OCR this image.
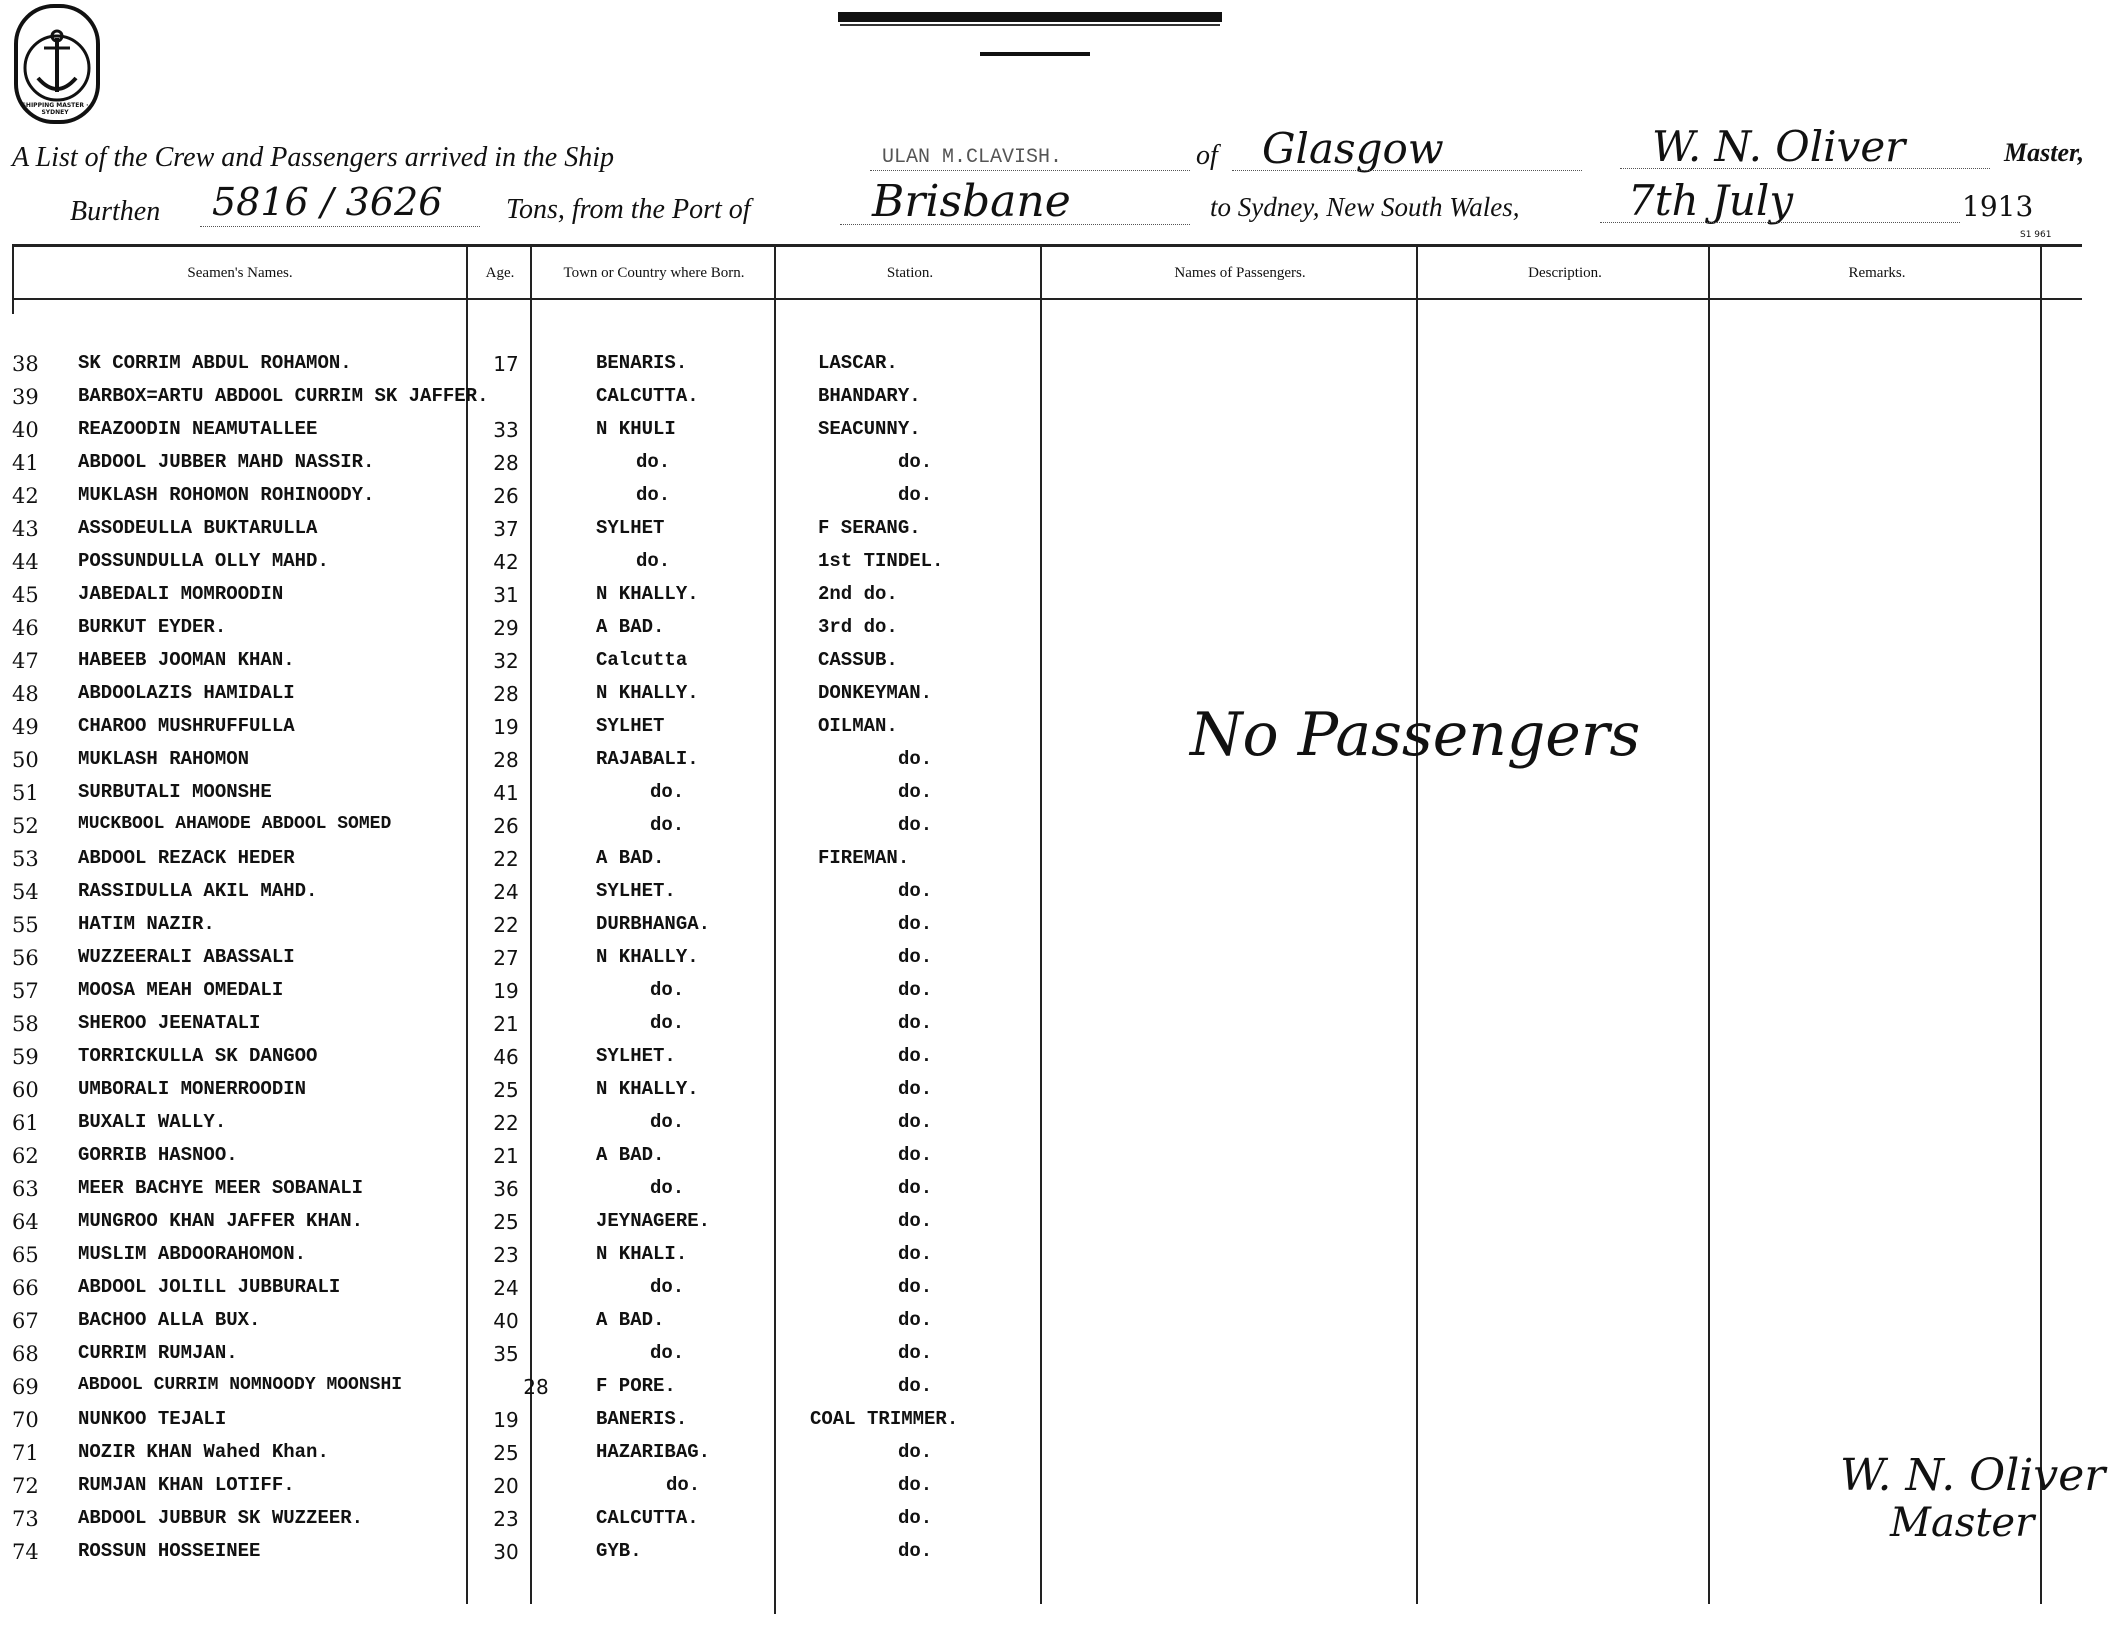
SHIPPING MASTER · SYDNEY
A List of the Crew and Passengers arrived in the Ship	ULAN M.CLAVISH.	of Glasgow	W. N. Oliver	Master,
Burthen 5816 / 3626 Tons, from the Port of	Brisbane	to Sydney, New South Wales,	7th July	1913
S1 961
Seamen's Names.	Age.	Town or Country where Born.	Station.	Names of Passengers.	Description.	Remarks.
38	SK CORRIM ABDUL ROHAMON.	17	BENARIS.	LASCAR.
39	BARBOX=ARTU ABDOOL CURRIM SK JAFFER.	CALCUTTA.	BHANDARY.
40	REAZOODIN NEAMUTALLEE	33	N KHULI	SEACUNNY.
41	ABDOOL JUBBER MAHD NASSIR.	28	do.	do.
42	MUKLASH ROHOMON ROHINOODY.	26	do.	do.
43	ASSODEULLA BUKTARULLA	37	SYLHET	F SERANG.
44	POSSUNDULLA OLLY MAHD.	42	do.	1st TINDEL.
45	JABEDALI MOMROODIN	31	N KHALLY.	2nd do.
46	BURKUT EYDER.	29	A BAD.	3rd do.
47	HABEEB JOOMAN KHAN.	32	Calcutta	CASSUB.
48	ABDOOLAZIS HAMIDALI	28	N KHALLY.	DONKEYMAN.
49	CHAROO MUSHRUFFULLA	19	SYLHET	OILMAN.
50	MUKLASH RAHOMON	28	RAJABALI.	do.
51	SURBUTALI MOONSHE	41	do.	do.
52	MUCKBOOL AHAMODE ABDOOL SOMED	26	do.	do.
53	ABDOOL REZACK HEDER	22	A BAD.	FIREMAN.
54	RASSIDULLA AKIL MAHD.	24	SYLHET.	do.
55	HATIM NAZIR.	22	DURBHANGA.	do.
56	WUZZEERALI ABASSALI	27	N KHALLY.	do.
57	MOOSA MEAH OMEDALI	19	do.	do.
58	SHEROO JEENATALI	21	do.	do.
59	TORRICKULLA SK DANGOO	46	SYLHET.	do.
60	UMBORALI MONERROODIN	25	N KHALLY.	do.
61	BUXALI WALLY.	22	do.	do.
62	GORRIB HASNOO.	21	A BAD.	do.
63	MEER BACHYE MEER SOBANALI	36	do.	do.
64	MUNGROO KHAN JAFFER KHAN.	25	JEYNAGERE.	do.
65	MUSLIM ABDOORAHOMON.	23	N KHALI.	do.
66	ABDOOL JOLILL JUBBURALI	24	do.	do.
67	BACHOO ALLA BUX.	40	A BAD.	do.
68	CURRIM RUMJAN.	35	do.	do.
69	ABDOOL CURRIM NOMNOODY MOONSHI	28	F PORE.	do.
70	NUNKOO TEJALI	19	BANERIS.	COAL TRIMMER.
71	NOZIR KHAN Wahed Khan.	25	HAZARIBAG.	do.
72	RUMJAN KHAN LOTIFF.	20	do.	do.
73	ABDOOL JUBBUR SK WUZZEER.	23	CALCUTTA.	do.
74	ROSSUN HOSSEINEE	30	GYB.	do.
No Passengers
W. N. Oliver
Master
